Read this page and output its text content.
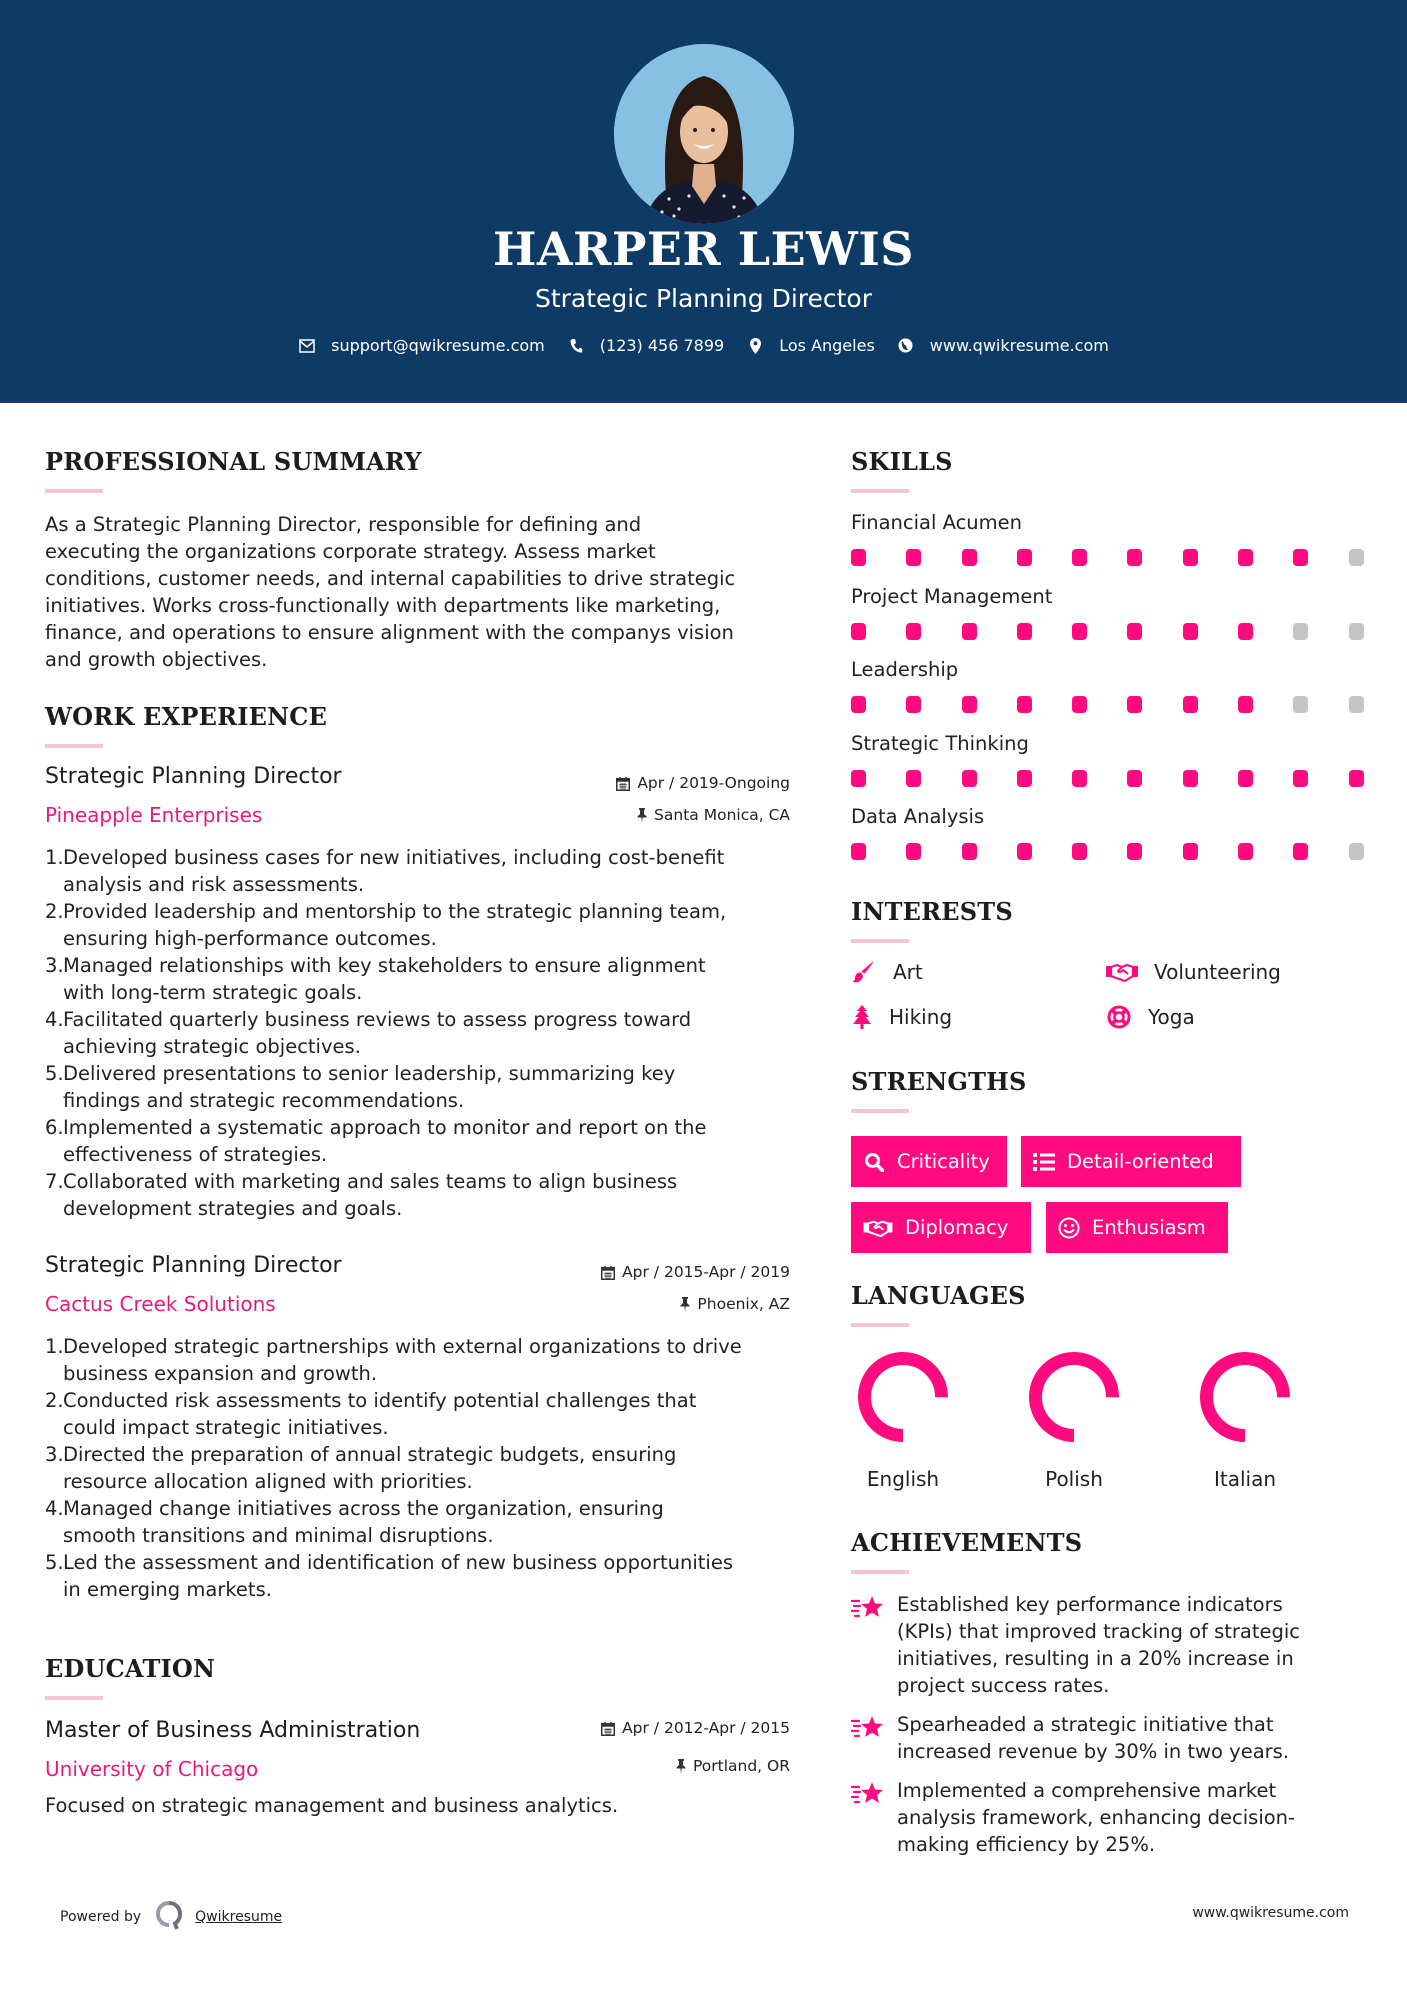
HARPER LEWIS
Strategic Planning Director
support@qwikresume.com	(123) 456 7899	Los Angeles	www.qwikresume.com
PROFESSIONAL SUMMARY
As a Strategic Planning Director, responsible for defining and
executing the organizations corporate strategy. Assess market
conditions, customer needs, and internal capabilities to drive strategic
initiatives. Works cross-functionally with departments like marketing,
finance, and operations to ensure alignment with the companys vision
and growth objectives.
WORK EXPERIENCE
Strategic Planning Director
Pineapple Enterprises
Apr / 2019-Ongoing
Santa Monica, CA
1. Developed business cases for new initiatives, including cost-benefit
analysis and risk assessments.
2. Provided leadership and mentorship to the strategic planning team,
ensuring high-performance outcomes.
3. Managed relationships with key stakeholders to ensure alignment
with long-term strategic goals.
4. Facilitated quarterly business reviews to assess progress toward
achieving strategic objectives.
5. Delivered presentations to senior leadership, summarizing key
findings and strategic recommendations.
6. Implemented a systematic approach to monitor and report on the
effectiveness of strategies.
7. Collaborated with marketing and sales teams to align business
development strategies and goals.
Strategic Planning Director
Cactus Creek Solutions
Apr / 2015-Apr / 2019
Phoenix, AZ
1. Developed strategic partnerships with external organizations to drive
business expansion and growth.
2. Conducted risk assessments to identify potential challenges that
could impact strategic initiatives.
3. Directed the preparation of annual strategic budgets, ensuring
resource allocation aligned with priorities.
4. Managed change initiatives across the organization, ensuring
smooth transitions and minimal disruptions.
5. Led the assessment and identification of new business opportunities
in emerging markets.
EDUCATION
Master of Business Administration
University of Chicago
Apr / 2012-Apr / 2015
Portland, OR
Focused on strategic management and business analytics.
SKILLS
Financial Acumen
Project Management
Leadership
Strategic Thinking
Data Analysis
INTERESTS
Art	Volunteering
Hiking	Yoga
STRENGTHS
Criticality	Detail-oriented
Diplomacy	Enthusiasm
LANGUAGES
English	Polish	Italian
ACHIEVEMENTS
Established key performance indicators
(KPIs) that improved tracking of strategic
initiatives, resulting in a 20% increase in
project success rates.
Spearheaded a strategic initiative that
increased revenue by 30% in two years.
Implemented a comprehensive market
analysis framework, enhancing decision-
making efficiency by 25%.
Powered by	Qwikresume	www.qwikresume.com
